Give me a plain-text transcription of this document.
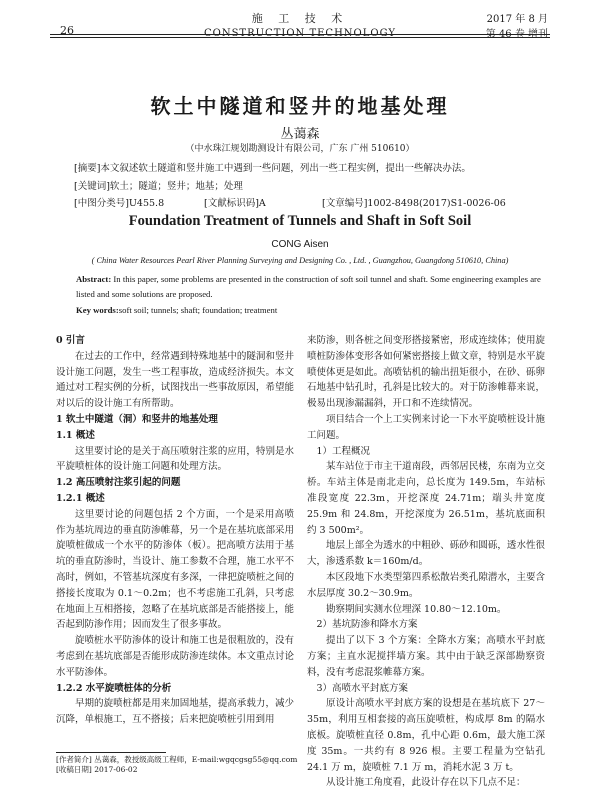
26
施 工 技 术
CONSTRUCTION TECHNOLOGY
2017 年 8 月
第 46 卷 增刊
软土中隧道和竖井的地基处理
丛蔼森
（中水珠江规划勘测设计有限公司，广东 广州 510610）
[摘要]本文叙述软土隧道和竖井施工中遇到一些问题，列出一些工程实例，提出一些解决办法。
[关键词]软土；隧道；竖井；地基；处理
[中图分类号]U455.8	[文献标识码]A	[文章编号]1002-8498(2017)S1-0026-06
Foundation Treatment of Tunnels and Shaft in Soft Soil
CONG Aisen
( China Water Resources Pearl River Planning Surveying and Designing Co. , Ltd. , Guangzhou, Guangdong 510610, China)
Abstract: In this paper, some problems are presented in the construction of soft soil tunnel and shaft. Some engineering examples are listed and some solutions are proposed.
Key words:soft soil; tunnels; shaft; foundation; treatment

0 引言

在过去的工作中，经常遇到特殊地基中的隧洞和竖井设计施工问题，发生一些工程事故，造成经济损失。本文通过对工程实例的分析，试图找出一些事故原因，希望能对以后的设计施工有所帮助。

1 软土中隧道（洞）和竖井的地基处理

1.1 概述

这里要讨论的是关于高压喷射注浆的应用，特别是水平旋喷桩体的设计施工问题和处理方法。

1.2 高压喷射注浆引起的问题

1.2.1 概述

这里要讨论的问题包括 2 个方面，一个是采用高喷作为基坑周边的垂直防渗帷幕，另一个是在基坑底部采用旋喷桩做成一个水平的防渗体（板）。把高喷方法用于基坑的垂直防渗时，当设计、施工参数不合理，施工水平不高时，例如，不管基坑深度有多深，一律把旋喷桩之间的搭接长度取为 0.1～0.2m；也不考虑施工孔斜，只考虑在地面上互相搭接，忽略了在基坑底部是否能搭接上，能否起到防渗作用；因而发生了很多事故。

旋喷桩水平防渗体的设计和施工也是很粗放的，没有考虑到在基坑底部是否能形成防渗连续体。本文重点讨论水平防渗体。

1.2.2 水平旋喷桩体的分析

早期的旋喷桩都是用来加固地基，提高承载力，减少沉降，单根施工，互不搭接；后来把旋喷桩引用到用

来防渗，则各桩之间变形搭接紧密，形成连续体；使用旋喷桩防渗体变形各如何紧密搭接上做文章，特别是水平旋喷使体更是如此。高喷钻机的输出扭矩很小，在砂、砾卵石地基中钻孔时，孔斜是比较大的。对于防渗帷幕来说，极易出现渗漏漏斜，开口和不连续情况。

项目结合一个上工实例来讨论一下水平旋喷桩设计施工问题。

1）工程概况

某车站位于市主干道南段，西邻居民楼，东南为立交桥。车站主体是南北走向，总长度为 149.5m，车站标准段宽度 22.3m，开挖深度 24.71m；端头井宽度 25.9m 和 24.8m，开挖深度为 26.51m，基坑底面积约 3 500m²。

地层上部全为透水的中粗砂、砾砂和圆砾，透水性很大，渗透系数 k＝160m/d。

本区段地下水类型第四系松散岩类孔隙潜水，主要含水层厚度 30.2～30.9m。

勘察期间实测水位埋深 10.80～12.10m。

2）基坑防渗和降水方案

提出了以下 3 个方案：全降水方案；高喷水平封底方案；主直水泥搅拌墙方案。其中由于缺乏深部勘察资料，没有考虑混浆帷幕方案。

3）高喷水平封底方案

原设计高喷水平封底方案的设想是在基坑底下 27～35m，利用互相套接的高压旋喷桩，构成厚 8m 的隔水底板。旋喷桩直径 0.8m，孔中心距 0.6m，最大施工深度 35m。一共约有 8 926 根。主要工程量为空钻孔 24.1 万 m，旋喷桩 7.1 万 m，消耗水泥 3 万 t。

从设计施工角度看，此设计存在以下几点不足：

[作者简介] 丛蔼森，教授级高级工程师，E-mail:wgqcgsg55@qq.com
[收稿日期] 2017-06-02
